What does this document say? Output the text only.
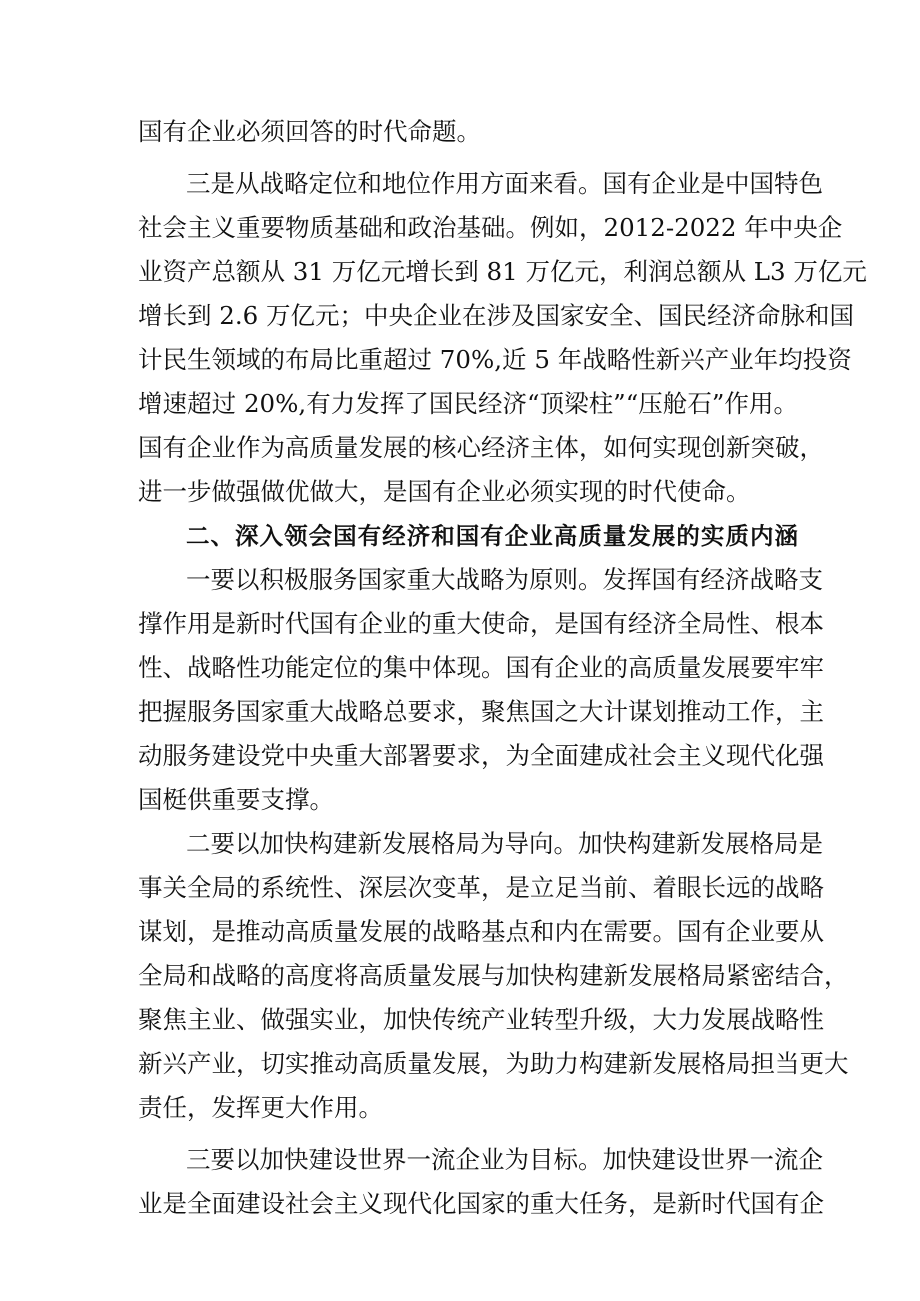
国有企业必须回答的时代命题。
三是从战略定位和地位作用方面来看。国有企业是中国特色
社会主义重要物质基础和政治基础。例如，2012-2022 年中央企
业资产总额从 31 万亿元增长到 81 万亿元，利润总额从 L3 万亿元
增长到 2.6 万亿元；中央企业在涉及国家安全、国民经济命脉和国
计民生领域的布局比重超过 70%,近 5 年战略性新兴产业年均投资
增速超过 20%,有力发挥了国民经济“顶梁柱”“压舱石”作用。
国有企业作为高质量发展的核心经济主体，如何实现创新突破，
进一步做强做优做大，是国有企业必须实现的时代使命。
二、深入领会国有经济和国有企业高质量发展的实质内涵
一要以积极服务国家重大战略为原则。发挥国有经济战略支
撑作用是新时代国有企业的重大使命，是国有经济全局性、根本
性、战略性功能定位的集中体现。国有企业的高质量发展要牢牢
把握服务国家重大战略总要求，聚焦国之大计谋划推动工作，主
动服务建设党中央重大部署要求，为全面建成社会主义现代化强
国梃供重要支撑。
二要以加快构建新发展格局为导向。加快构建新发展格局是
事关全局的系统性、深层次变革，是立足当前、着眼长远的战略
谋划，是推动高质量发展的战略基点和内在需要。国有企业要从
全局和战略的高度将高质量发展与加快构建新发展格局紧密结合，
聚焦主业、做强实业，加快传统产业转型升级，大力发展战略性
新兴产业，切实推动高质量发展，为助力构建新发展格局担当更大
责任，发挥更大作用。
三要以加快建设世界一流企业为目标。加快建设世界一流企
业是全面建设社会主义现代化国家的重大任务，是新时代国有企
